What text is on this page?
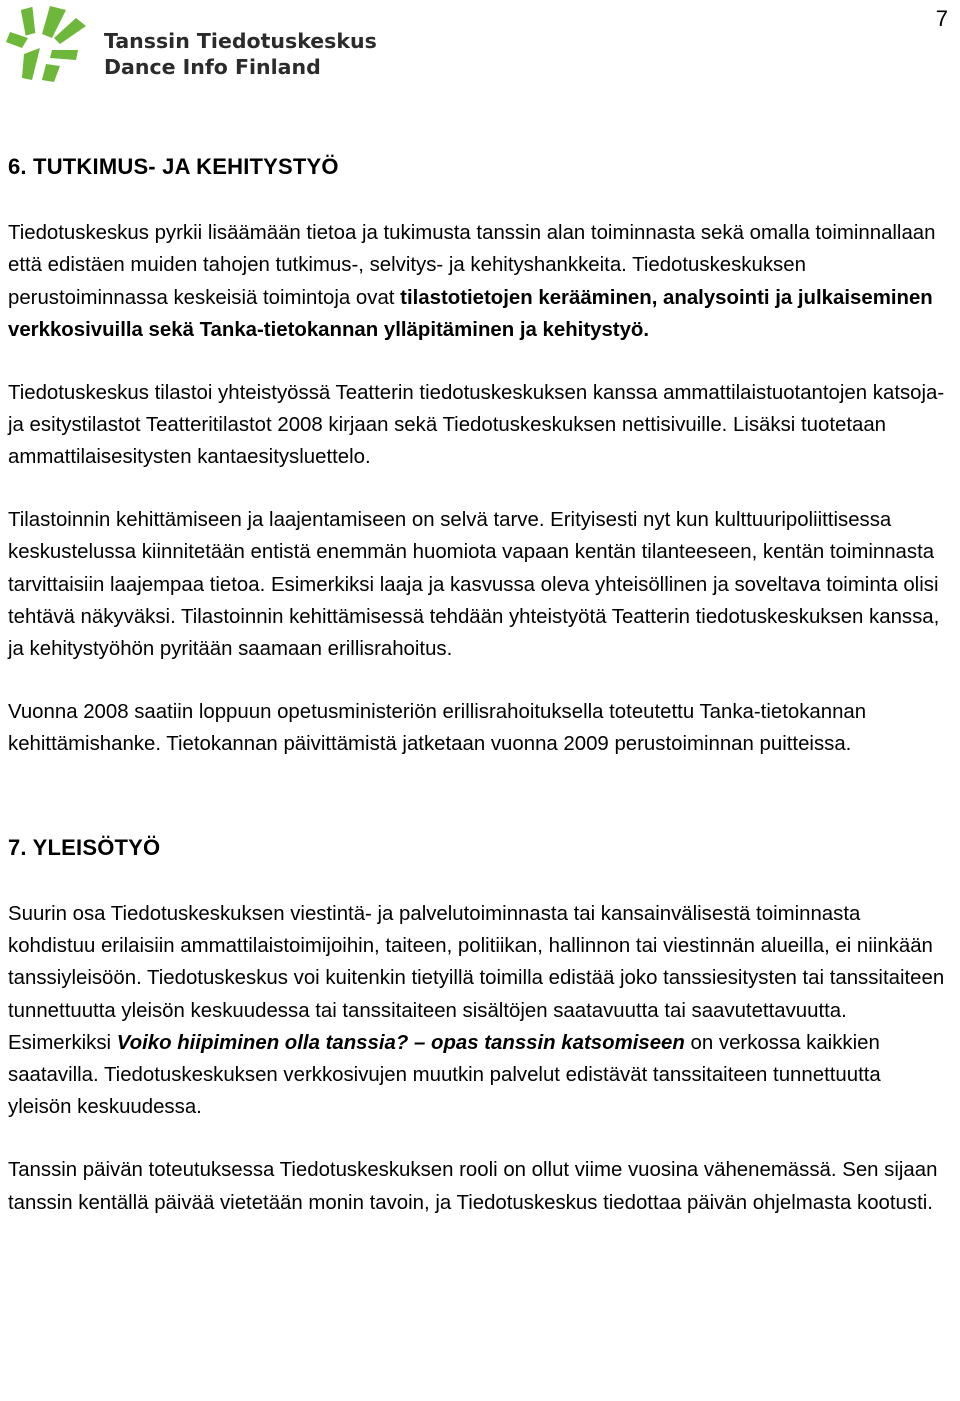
7
Tanssin Tiedotuskeskus
Dance Info Finland
6. TUTKIMUS- JA KEHITYSTYÖ

Tiedotuskeskus pyrkii lisäämään tietoa ja tukimusta tanssin alan toiminnasta sekä omalla toiminnallaan että edistäen muiden tahojen tutkimus-, selvitys- ja kehityshankkeita. Tiedotuskeskuksen perustoiminnassa keskeisiä toimintoja ovat tilastotietojen kerääminen, analysointi ja julkaiseminen verkkosivuilla sekä Tanka-tietokannan ylläpitäminen ja kehitystyö.

Tiedotuskeskus tilastoi yhteistyössä Teatterin tiedotuskeskuksen kanssa ammattilaistuotantojen katsoja- ja esitystilastot Teatteritilastot 2008 kirjaan sekä Tiedotuskeskuksen nettisivuille. Lisäksi tuotetaan ammattilaisesitysten kantaesitysluettelo.

Tilastoinnin kehittämiseen ja laajentamiseen on selvä tarve. Erityisesti nyt kun kulttuuripoliittisessa keskustelussa kiinnitetään entistä enemmän huomiota vapaan kentän tilanteeseen, kentän toiminnasta tarvittaisiin laajempaa tietoa. Esimerkiksi laaja ja kasvussa oleva yhteisöllinen ja soveltava toiminta olisi tehtävä näkyväksi. Tilastoinnin kehittämisessä tehdään yhteistyötä Teatterin tiedotuskeskuksen kanssa, ja kehitystyöhön pyritään saamaan erillisrahoitus.

Vuonna 2008 saatiin loppuun opetusministeriön erillisrahoituksella toteutettu Tanka-tietokannan kehittämishanke. Tietokannan päivittämistä jatketaan vuonna 2009 perustoiminnan puitteissa.

7. YLEISÖTYÖ

Suurin osa Tiedotuskeskuksen viestintä- ja palvelutoiminnasta tai kansainvälisestä toiminnasta kohdistuu erilaisiin ammattilaistoimijoihin, taiteen, politiikan, hallinnon tai viestinnän alueilla, ei niinkään tanssiyleisöön. Tiedotuskeskus voi kuitenkin tietyillä toimilla edistää joko tanssiesitysten tai tanssitaiteen tunnettuutta yleisön keskuudessa tai tanssitaiteen sisältöjen saatavuutta tai saavutettavuutta. Esimerkiksi Voiko hiipiminen olla tanssia? – opas tanssin katsomiseen on verkossa kaikkien saatavilla. Tiedotuskeskuksen verkkosivujen muutkin palvelut edistävät tanssitaiteen tunnettuutta yleisön keskuudessa.

Tanssin päivän toteutuksessa Tiedotuskeskuksen rooli on ollut viime vuosina vähenemässä. Sen sijaan tanssin kentällä päivää vietetään monin tavoin, ja Tiedotuskeskus tiedottaa päivän ohjelmasta kootusti.
